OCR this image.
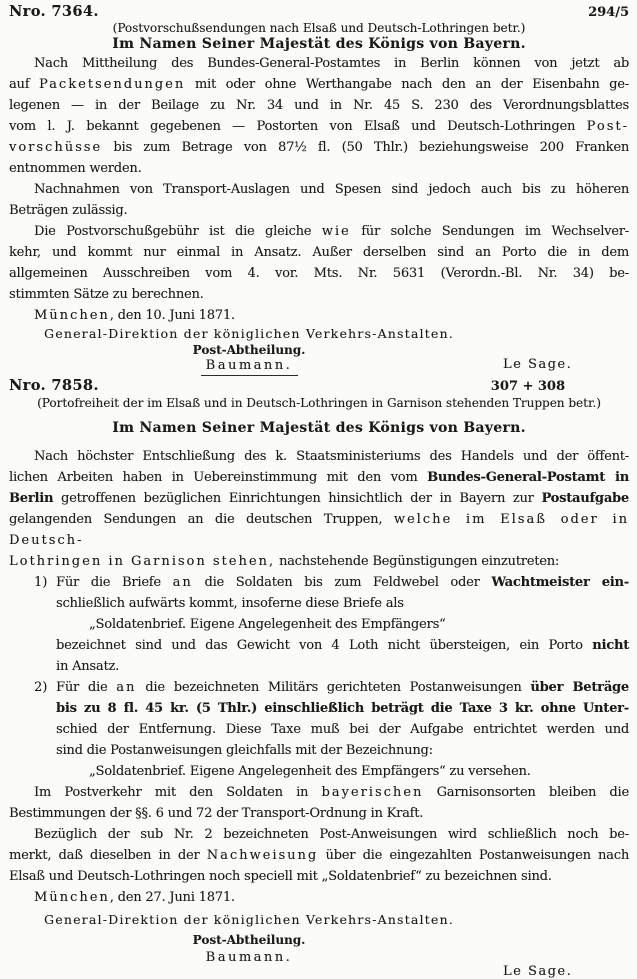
Nro. 7364.	294/5
(Postvorschußsendungen nach Elsaß und Deutsch-Lothringen betr.)
Im Namen Seiner Majestät des Königs von Bayern.
Nach Mittheilung des Bundes-General-Postamtes in Berlin können von jetzt ab
auf Packetsendungen mit oder ohne Werthangabe nach den an der Eisenbahn ge-
legenen — in der Beilage zu Nr. 34 und in Nr. 45 S. 230 des Verordnungsblattes
vom l. J. bekannt gegebenen — Postorten von Elsaß und Deutsch-Lothringen Post-
vorschüsse bis zum Betrage von 87½ fl. (50 Thlr.) beziehungsweise 200 Franken
entnommen werden.
Nachnahmen von Transport-Auslagen und Spesen sind jedoch auch bis zu höheren
Beträgen zulässig.
Die Postvorschußgebühr ist die gleiche wie für solche Sendungen im Wechselver-
kehr, und kommt nur einmal in Ansatz. Außer derselben sind an Porto die in dem
allgemeinen Ausschreiben vom 4. vor. Mts. Nr. 5631 (Verordn.-Bl. Nr. 34) be-
stimmten Sätze zu berechnen.
München, den 10. Juni 1871.
General-Direktion der königlichen Verkehrs-Anstalten.
Post-Abtheilung.
Baumann.	Le Sage.
Nro. 7858.	307 + 308
(Portofreiheit der im Elsaß und in Deutsch-Lothringen in Garnison stehenden Truppen betr.)
Im Namen Seiner Majestät des Königs von Bayern.
Nach höchster Entschließung des k. Staatsministeriums des Handels und der öffent-
lichen Arbeiten haben in Uebereinstimmung mit den vom Bundes-General-Postamt in
Berlin getroffenen bezüglichen Einrichtungen hinsichtlich der in Bayern zur Postaufgabe
gelangenden Sendungen an die deutschen Truppen, welche im Elsaß oder in Deutsch-
Lothringen in Garnison stehen, nachstehende Begünstigungen einzutreten:
1) Für die Briefe an die Soldaten bis zum Feldwebel oder Wachtmeister ein-
schließlich aufwärts kommt, insoferne diese Briefe als
„Soldatenbrief. Eigene Angelegenheit des Empfängers“
bezeichnet sind und das Gewicht von 4 Loth nicht übersteigen, ein Porto nicht
in Ansatz.
2) Für die an die bezeichneten Militärs gerichteten Postanweisungen über Beträge
bis zu 8 fl. 45 kr. (5 Thlr.) einschließlich beträgt die Taxe 3 kr. ohne Unter-
schied der Entfernung. Diese Taxe muß bei der Aufgabe entrichtet werden und
sind die Postanweisungen gleichfalls mit der Bezeichnung:
„Soldatenbrief. Eigene Angelegenheit des Empfängers“ zu versehen.
Im Postverkehr mit den Soldaten in bayerischen Garnisonsorten bleiben die
Bestimmungen der §§. 6 und 72 der Transport-Ordnung in Kraft.
Bezüglich der sub Nr. 2 bezeichneten Post-Anweisungen wird schließlich noch be-
merkt, daß dieselben in der Nachweisung über die eingezahlten Postanweisungen nach
Elsaß und Deutsch-Lothringen noch speciell mit „Soldatenbrief“ zu bezeichnen sind.
München, den 27. Juni 1871.
General-Direktion der königlichen Verkehrs-Anstalten.
Post-Abtheilung.
Baumann.
Le Sage.
